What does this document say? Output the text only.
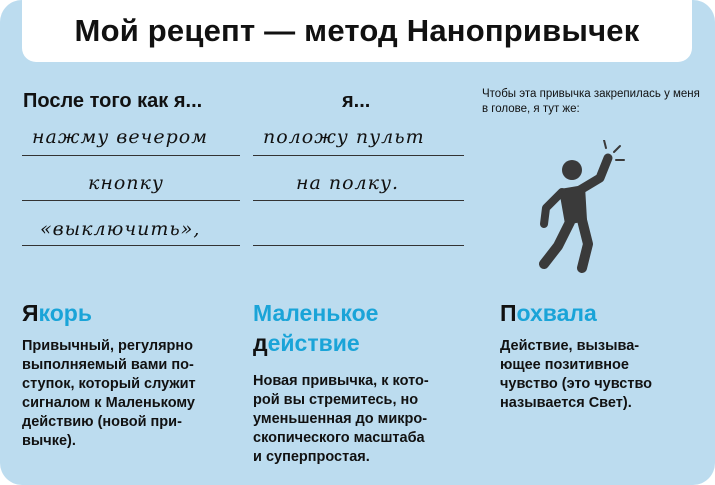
Мой рецепт — метод Нанопривычек
После того как я...
нажму вечером
кнопку
«выключить»,
я...
положу пульт
на полку.
Чтобы эта привычка закрепилась у меня в голове, я тут же:
Якорь
Привычный, регулярно
выполняемый вами по-
ступок, который служит
сигналом к Маленькому
действию (новой при-
вычке).
Маленькое
действие
Новая привычка, к кото-
рой вы стремитесь, но
уменьшенная до микро-
скопического масштаба
и суперпростая.
Похвала
Действие, вызыва-
ющее позитивное
чувство (это чувство
называется Свет).
